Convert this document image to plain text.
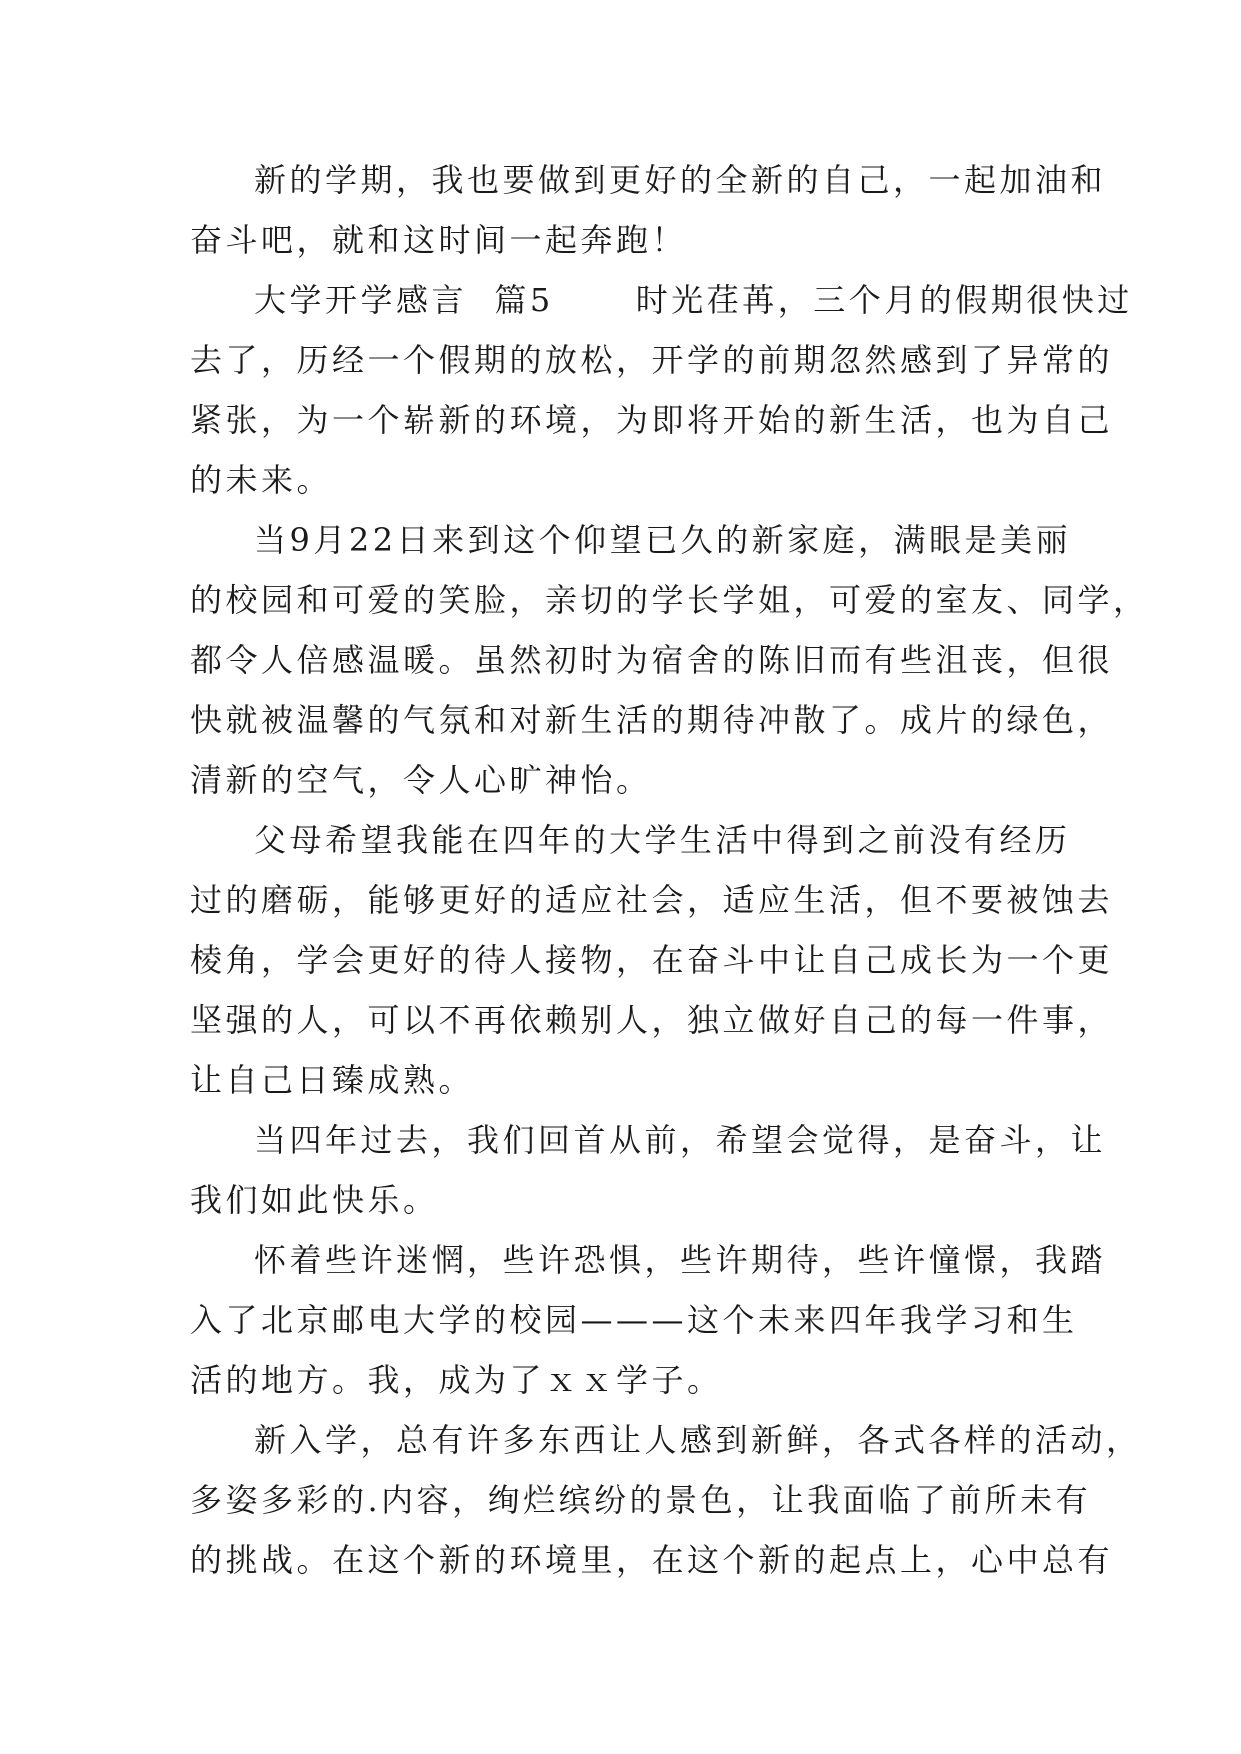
新的学期，我也要做到更好的全新的自己，一起加油和
奋斗吧，就和这时间一起奔跑！
大学开学感言  篇5      时光荏苒，三个月的假期很快过
去了，历经一个假期的放松，开学的前期忽然感到了异常的
紧张，为一个崭新的环境，为即将开始的新生活，也为自己
的未来。
当9月22日来到这个仰望已久的新家庭，满眼是美丽
的校园和可爱的笑脸，亲切的学长学姐，可爱的室友、同学，
都令人倍感温暖。虽然初时为宿舍的陈旧而有些沮丧，但很
快就被温馨的气氛和对新生活的期待冲散了。成片的绿色，
清新的空气，令人心旷神怡。
父母希望我能在四年的大学生活中得到之前没有经历
过的磨砺，能够更好的适应社会，适应生活，但不要被蚀去
棱角，学会更好的待人接物，在奋斗中让自己成长为一个更
坚强的人，可以不再依赖别人，独立做好自己的每一件事，
让自己日臻成熟。
当四年过去，我们回首从前，希望会觉得，是奋斗，让
我们如此快乐。
怀着些许迷惘，些许恐惧，些许期待，些许憧憬，我踏
入了北京邮电大学的校园———这个未来四年我学习和生
活的地方。我，成为了ｘｘ学子。
新入学，总有许多东西让人感到新鲜，各式各样的活动，
多姿多彩的.内容，绚烂缤纷的景色，让我面临了前所未有
的挑战。在这个新的环境里，在这个新的起点上，心中总有
